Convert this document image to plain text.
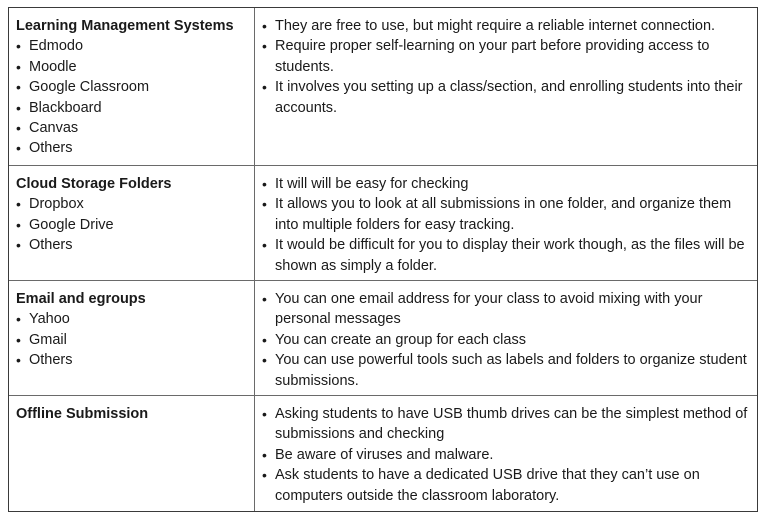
Learning Management Systems

• Edmodo
• Moodle
• Google Classroom
• Blackboard
• Canvas
• Others
• They are free to use, but might require a reliable internet connection.
• Require proper self-learning on your part before providing access to students.
• It involves you setting up a class/section, and enrolling students into their accounts.

Cloud Storage Folders

• Dropbox
• Google Drive
• Others
• It will will be easy for checking
• It allows you to look at all submissions in one folder, and organize them into multiple folders for easy tracking.
• It would be difficult for you to display their work though, as the files will be shown as simply a folder.

Email and egroups

• Yahoo
• Gmail
• Others
• You can one email address for your class to avoid mixing with your personal messages
• You can create an group for each class
• You can use powerful tools such as labels and folders to organize student submissions.

Offline Submission

•	Asking students to have USB thumb drives can be the simplest method of submissions and checking
• Be aware of viruses and malware.
• Ask students to have a dedicated USB drive that they can’t use on computers outside the classroom laboratory.
